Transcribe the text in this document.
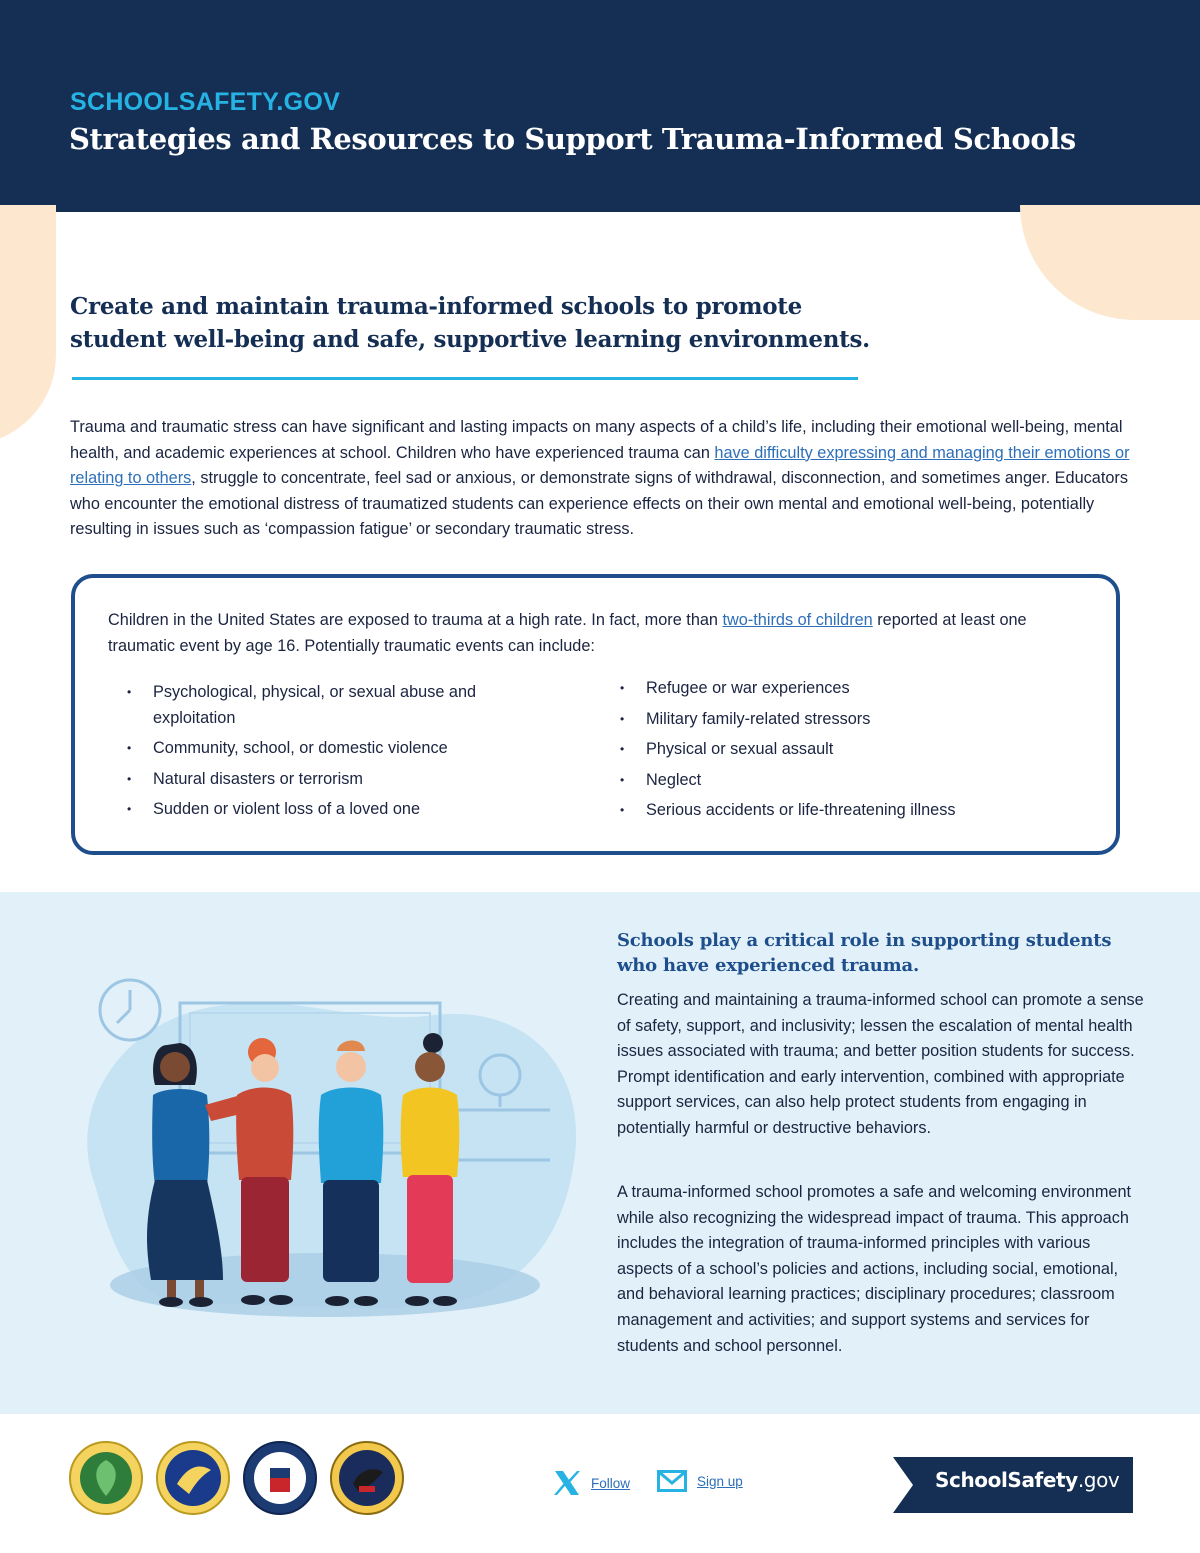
SCHOOLSAFETY.GOV
Strategies and Resources to Support Trauma-Informed Schools
Create and maintain trauma-informed schools to promote
student well-being and safe, supportive learning environments.

Trauma and traumatic stress can have significant and lasting impacts on many aspects of a child’s life, including their emotional well-being, mental health, and academic experiences at school. Children who have experienced trauma can have difficulty expressing and managing their emotions or relating to others, struggle to concentrate, feel sad or anxious, or demonstrate signs of withdrawal, disconnection, and sometimes anger. Educators who encounter the emotional distress of traumatized students can experience effects on their own mental and emotional well-being, potentially resulting in issues such as ‘compassion fatigue’ or secondary traumatic stress.

Children in the United States are exposed to trauma at a high rate. In fact, more than two-thirds of children reported at least one traumatic event by age 16. Potentially traumatic events can include:

• Psychological, physical, or sexual abuse and exploitation
• Community, school, or domestic violence
• Natural disasters or terrorism
• Sudden or violent loss of a loved one
• Refugee or war experiences
• Military family-related stressors
• Physical or sexual assault
• Neglect
• Serious accidents or life-threatening illness
Schools play a critical role in supporting students who have experienced trauma.

Creating and maintaining a trauma-informed school can promote a sense of safety, support, and inclusivity; lessen the escalation of mental health issues associated with trauma; and better position students for success. Prompt identification and early intervention, combined with appropriate support services, can also help protect students from engaging in potentially harmful or destructive behaviors.

A trauma-informed school promotes a safe and welcoming environment while also recognizing the widespread impact of trauma. This approach includes the integration of trauma-informed principles with various aspects of a school’s policies and actions, including social, emotional, and behavioral learning practices; disciplinary procedures; classroom management and activities; and support systems and services for students and school personnel.

Follow	Sign up	SchoolSafety.gov
